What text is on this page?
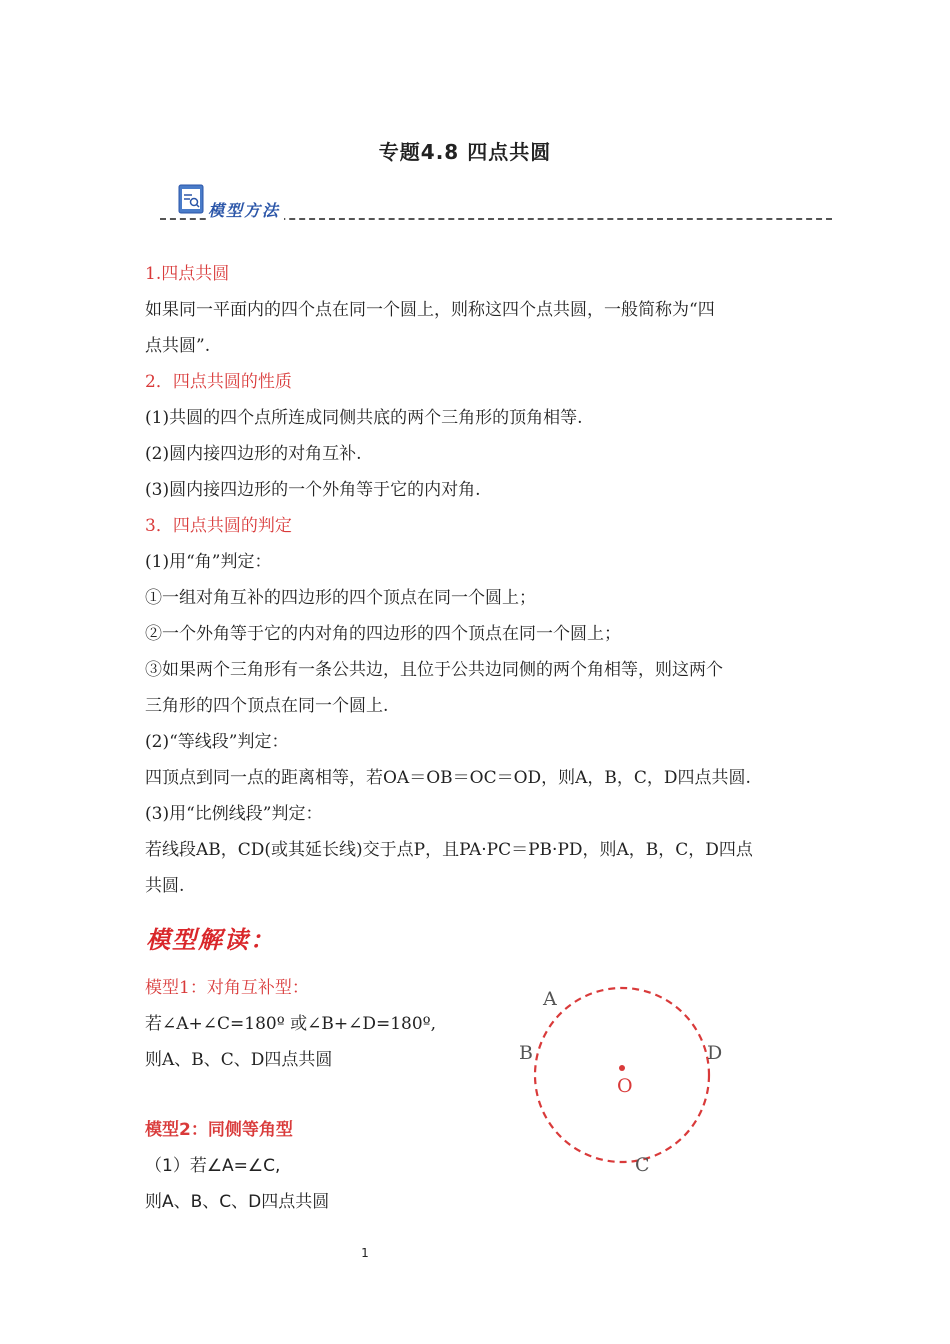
专题4.8 四点共圆
模型方法
1.四点共圆
如果同一平面内的四个点在同一个圆上，则称这四个点共圆，一般简称为“四
点共圆”.
2．四点共圆的性质
(1)共圆的四个点所连成同侧共底的两个三角形的顶角相等.
(2)圆内接四边形的对角互补.
(3)圆内接四边形的一个外角等于它的内对角.
3．四点共圆的判定
(1)用“角”判定：
①一组对角互补的四边形的四个顶点在同一个圆上；
②一个外角等于它的内对角的四边形的四个顶点在同一个圆上；
③如果两个三角形有一条公共边，且位于公共边同侧的两个角相等，则这两个
三角形的四个顶点在同一个圆上.
(2)“等线段”判定：
四顶点到同一点的距离相等，若OA＝OB＝OC＝OD，则A，B，C，D四点共圆.
(3)用“比例线段”判定：
若线段AB，CD(或其延长线)交于点P，且PA·PC＝PB·PD，则A，B，C，D四点
共圆.
模型解读：
模型1：对角互补型：
若∠A+∠C=180º 或∠B+∠D=180º,
则A、B、C、D四点共圆
模型2：同侧等角型
（1）若∠A=∠C,
则A、B、C、D四点共圆
A
B	D
C
O
1
